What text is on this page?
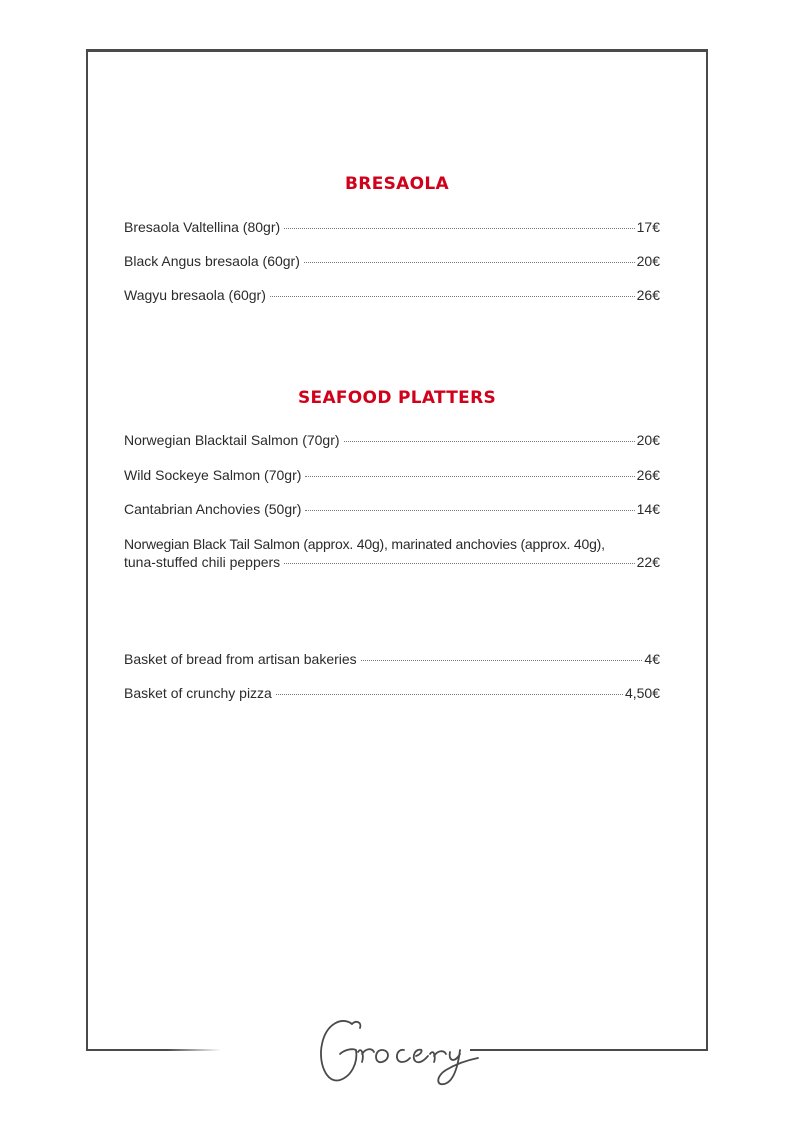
BRESAOLA
Bresaola Valtellina (80gr)	17€
Black Angus bresaola (60gr)	20€
Wagyu bresaola (60gr)	26€
SEAFOOD PLATTERS
Norwegian Blacktail Salmon (70gr)	20€
Wild Sockeye Salmon (70gr)	26€
Cantabrian Anchovies (50gr)	14€
Norwegian Black Tail Salmon (approx. 40g), marinated anchovies (approx. 40g),
tuna-stuffed chili peppers	22€
Basket of bread from artisan bakeries	4€
Basket of crunchy pizza	4,50€
